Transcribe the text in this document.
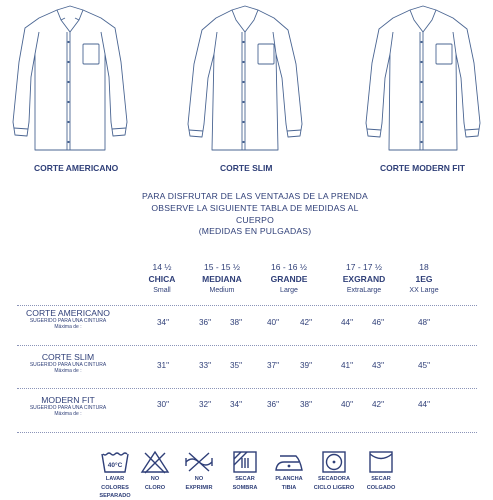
CORTE AMERICANO	CORTE SLIM	CORTE MODERN FIT
PARA DISFRUTAR DE LAS VENTAJAS DE LA PRENDA
OBSERVE LA SIGUIENTE TABLA DE MEDIDAS AL
CUERPO
(MEDIDAS EN PULGADAS)
14 ½
CHICA
Small
15 - 15 ½
MEDIANA
Medium
16 - 16 ½
GRANDE
Large
17 - 17 ½
EXGRAND
ExtraLarge
18
1EG
XX Large
CORTE AMERICANO
SUGERIDO PARA UNA CINTURA
Máxima de :	34"	36"	38"	40"	42"	44"	46"	48"
CORTE SLIM
SUGERIDO PARA UNA CINTURA
Máxima de :
31"	33"	35"	37"	39"	41"	43"	45"
MODERN FIT
SUGERIDO PARA UNA CINTURA
Máxima de :
30"	32"	34"	36"	38"	40"	42"	44"
40°C
LAVAR
COLORES
SEPARADO
NO
CLORO
NO
EXPRIMIR
SECAR
SOMBRA
PLANCHA
TIBIA
SECADORA
CICLO LIGERO
SECAR
COLGADO
